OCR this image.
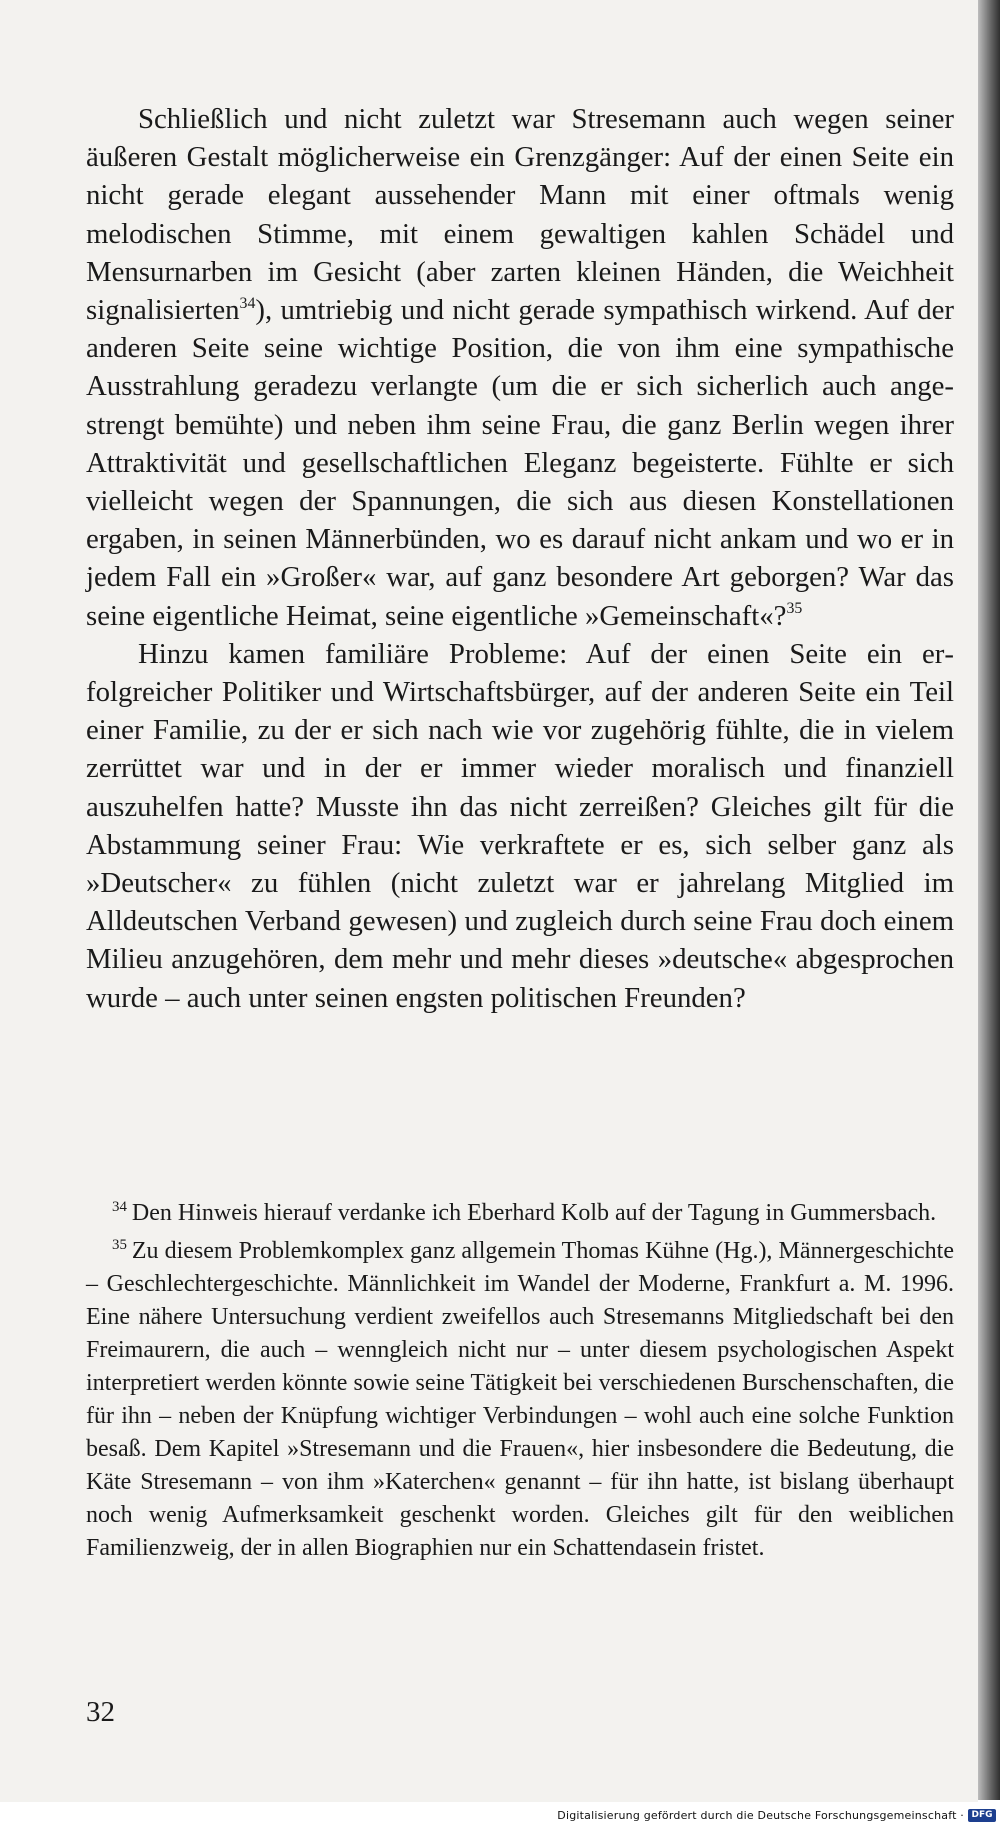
Schließlich und nicht zuletzt war Stresemann auch wegen seiner äußeren Gestalt möglicherweise ein Grenzgänger: Auf der einen Seite ein nicht gerade elegant aussehender Mann mit einer oftmals wenig melodischen Stimme, mit einem gewaltigen kahlen Schädel und Mensurnarben im Gesicht (aber zarten kleinen Händen, die Weichheit signalisierten$^{34}$), umtriebig und nicht gerade sympathisch wirkend. Auf der anderen Seite seine wichtige Position, die von ihm eine sympathische Ausstrahlung geradezu verlangte (um die er sich sicherlich auch angestrengt bemühte) und neben ihm seine Frau, die ganz Berlin wegen ihrer Attraktivität und gesellschaftlichen Eleganz begeisterte. Fühlte er sich vielleicht wegen der Spannungen, die sich aus diesen Konstellationen ergaben, in seinen Männerbünden, wo es darauf nicht ankam und wo er in jedem Fall ein »Großer« war, auf ganz besondere Art geborgen? War das seine eigentliche Heimat, seine eigentliche »Gemeinschaft«?$^{35}$

Hinzu kamen familiäre Probleme: Auf der einen Seite ein erfolgreicher Politiker und Wirtschaftsbürger, auf der anderen Seite ein Teil einer Familie, zu der er sich nach wie vor zugehörig fühlte, die in vielem zerrüttet war und in der er immer wieder moralisch und finanziell auszuhelfen hatte? Musste ihn das nicht zerreißen? Gleiches gilt für die Abstammung seiner Frau: Wie verkraftete er es, sich selber ganz als »Deutscher« zu fühlen (nicht zuletzt war er jahrelang Mitglied im Alldeutschen Verband gewesen) und zugleich durch seine Frau doch einem Milieu anzugehören, dem mehr und mehr dieses »deutsche« abgesprochen wurde – auch unter seinen engsten politischen Freunden?

$^{34}$ Den Hinweis hierauf verdanke ich Eberhard Kolb auf der Tagung in Gummersbach.

$^{35}$ Zu diesem Problemkomplex ganz allgemein Thomas Kühne (Hg.), Männergeschichte – Geschlechtergeschichte. Männlichkeit im Wandel der Moderne, Frankfurt a. M. 1996. Eine nähere Untersuchung verdient zweifellos auch Stresemanns Mitgliedschaft bei den Freimaurern, die auch – wenngleich nicht nur – unter diesem psychologischen Aspekt interpretiert werden könnte sowie seine Tätigkeit bei verschiedenen Burschenschaften, die für ihn – neben der Knüpfung wichtiger Verbindungen – wohl auch eine solche Funktion besaß. Dem Kapitel »Stresemann und die Frauen«, hier insbesondere die Bedeutung, die Käte Stresemann – von ihm »Katerchen« genannt – für ihn hatte, ist bislang überhaupt noch wenig Aufmerksamkeit geschenkt worden. Gleiches gilt für den weiblichen Familienzweig, der in allen Biographien nur ein Schattendasein fristet.

32
Digitalisierung gefördert durch die Deutsche Forschungsgemeinschaft · DFG
